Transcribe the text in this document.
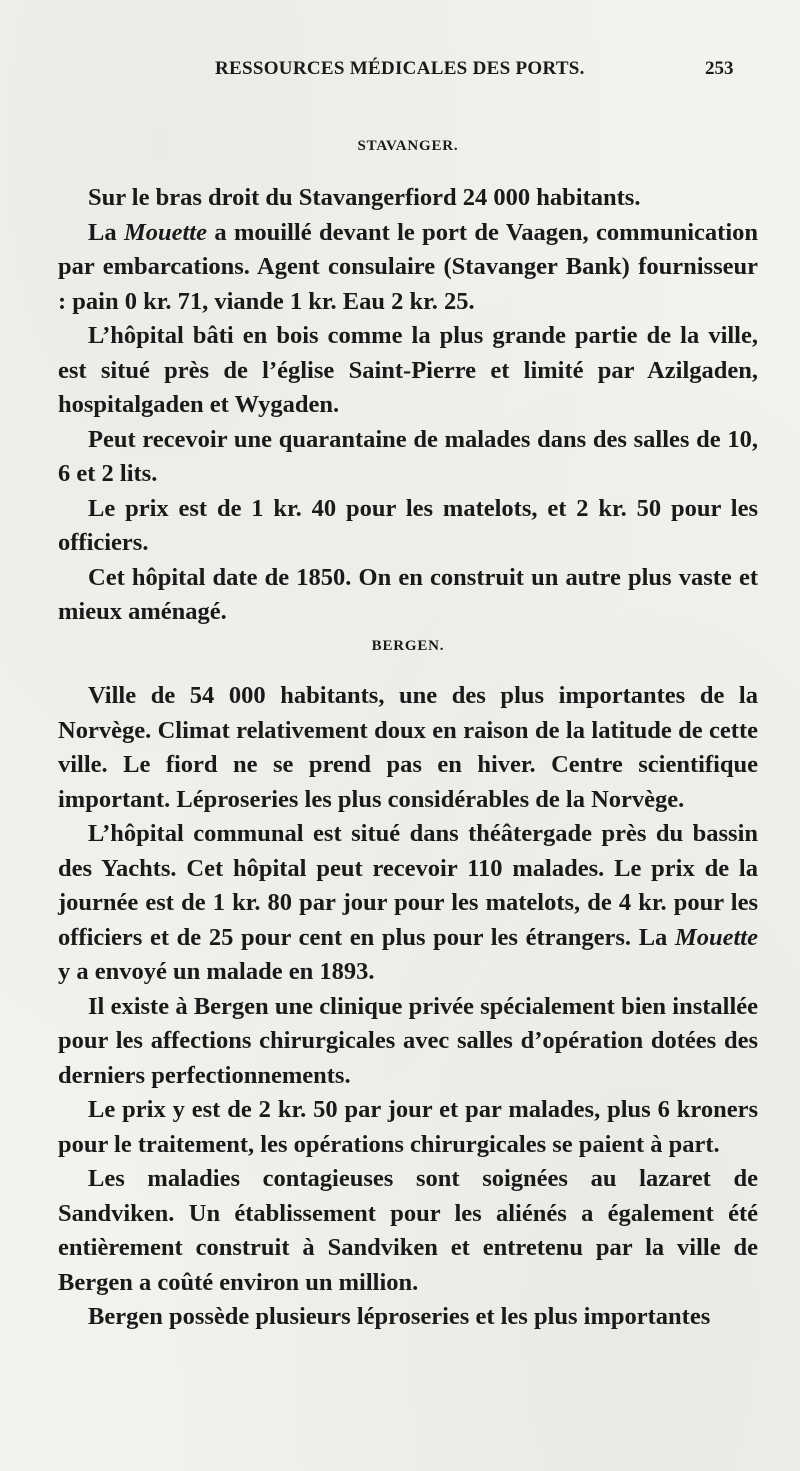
RESSOURCES MÉDICALES DES PORTS.	253

STAVANGER.

Sur le bras droit du Stavangerfiord 24 000 habitants.

La Mouette a mouillé devant le port de Vaagen, communication par embarcations. Agent consulaire (Stavanger Bank) fournisseur : pain 0 kr. 71, viande 1 kr. Eau 2 kr. 25.

L’hôpital bâti en bois comme la plus grande partie de la ville, est situé près de l’église Saint-Pierre et limité par Azilgaden, hospitalgaden et Wygaden.

Peut recevoir une quarantaine de malades dans des salles de 10, 6 et 2 lits.

Le prix est de 1 kr. 40 pour les matelots, et 2 kr. 50 pour les officiers.

Cet hôpital date de 1850. On en construit un autre plus vaste et mieux aménagé.

BERGEN.

Ville de 54 000 habitants, une des plus importantes de la Norvège. Climat relativement doux en raison de la latitude de cette ville. Le fiord ne se prend pas en hiver. Centre scientifique important. Léproseries les plus considérables de la Norvège.

L’hôpital communal est situé dans théâtergade près du bassin des Yachts. Cet hôpital peut recevoir 110 malades. Le prix de la journée est de 1 kr. 80 par jour pour les matelots, de 4 kr. pour les officiers et de 25 pour cent en plus pour les étrangers. La Mouette y a envoyé un malade en 1893.

Il existe à Bergen une clinique privée spécialement bien installée pour les affections chirurgicales avec salles d’opération dotées des derniers perfectionnements.

Le prix y est de 2 kr. 50 par jour et par malades, plus 6 kroners pour le traitement, les opérations chirurgicales se paient à part.

Les maladies contagieuses sont soignées au lazaret de Sandviken. Un établissement pour les aliénés a également été entièrement construit à Sandviken et entretenu par la ville de Bergen a coûté environ un million.

Bergen possède plusieurs léproseries et les plus importantes
